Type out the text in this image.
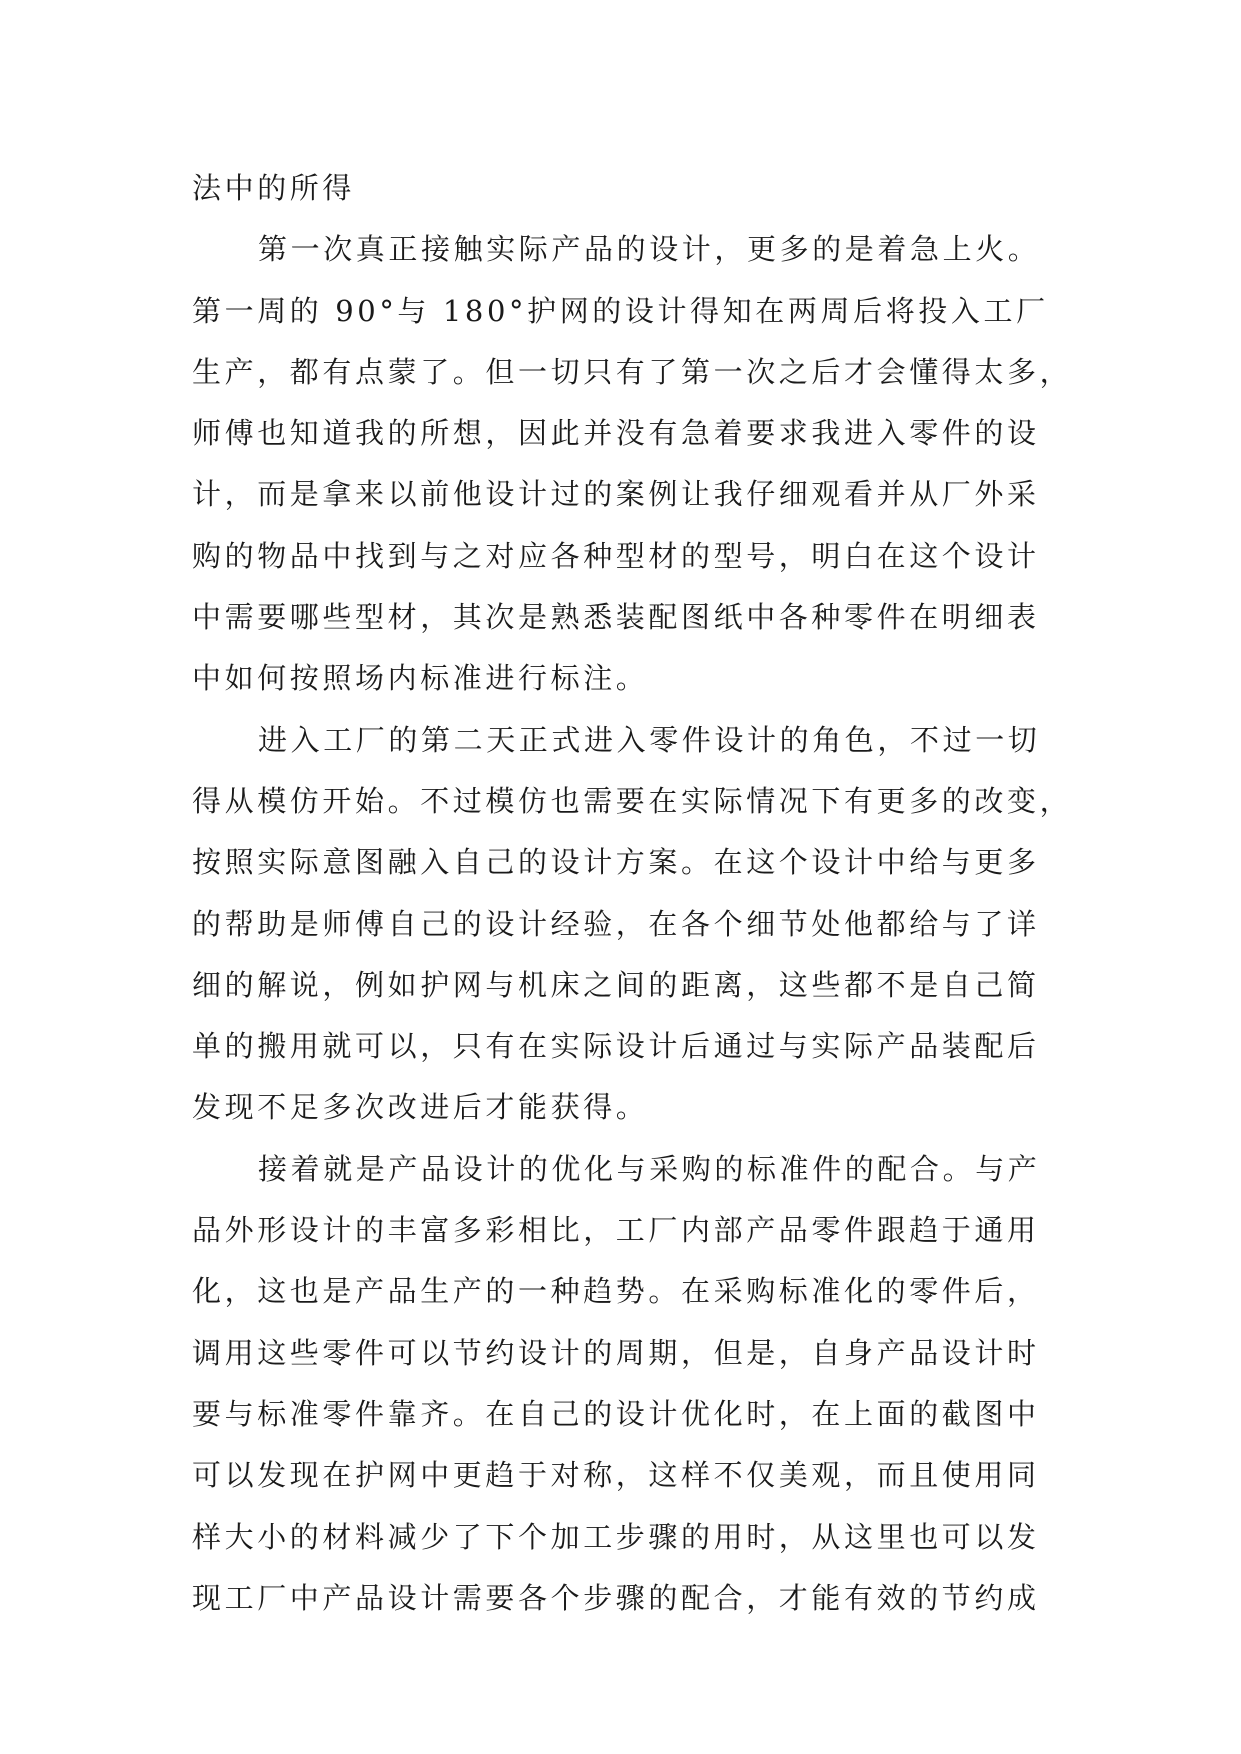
法中的所得

第一次真正接触实际产品的设计，更多的是着急上火。

第一周的 90°与 180°护网的设计得知在两周后将投入工厂

生产，都有点蒙了。但一切只有了第一次之后才会懂得太多，

师傅也知道我的所想，因此并没有急着要求我进入零件的设

计，而是拿来以前他设计过的案例让我仔细观看并从厂外采

购的物品中找到与之对应各种型材的型号，明白在这个设计

中需要哪些型材，其次是熟悉装配图纸中各种零件在明细表

中如何按照场内标准进行标注。

进入工厂的第二天正式进入零件设计的角色，不过一切

得从模仿开始。不过模仿也需要在实际情况下有更多的改变，

按照实际意图融入自己的设计方案。在这个设计中给与更多

的帮助是师傅自己的设计经验，在各个细节处他都给与了详

细的解说，例如护网与机床之间的距离，这些都不是自己简

单的搬用就可以，只有在实际设计后通过与实际产品装配后

发现不足多次改进后才能获得。

接着就是产品设计的优化与采购的标准件的配合。与产

品外形设计的丰富多彩相比，工厂内部产品零件跟趋于通用

化，这也是产品生产的一种趋势。在采购标准化的零件后，

调用这些零件可以节约设计的周期，但是，自身产品设计时

要与标准零件靠齐。在自己的设计优化时，在上面的截图中

可以发现在护网中更趋于对称，这样不仅美观，而且使用同

样大小的材料减少了下个加工步骤的用时，从这里也可以发

现工厂中产品设计需要各个步骤的配合，才能有效的节约成
